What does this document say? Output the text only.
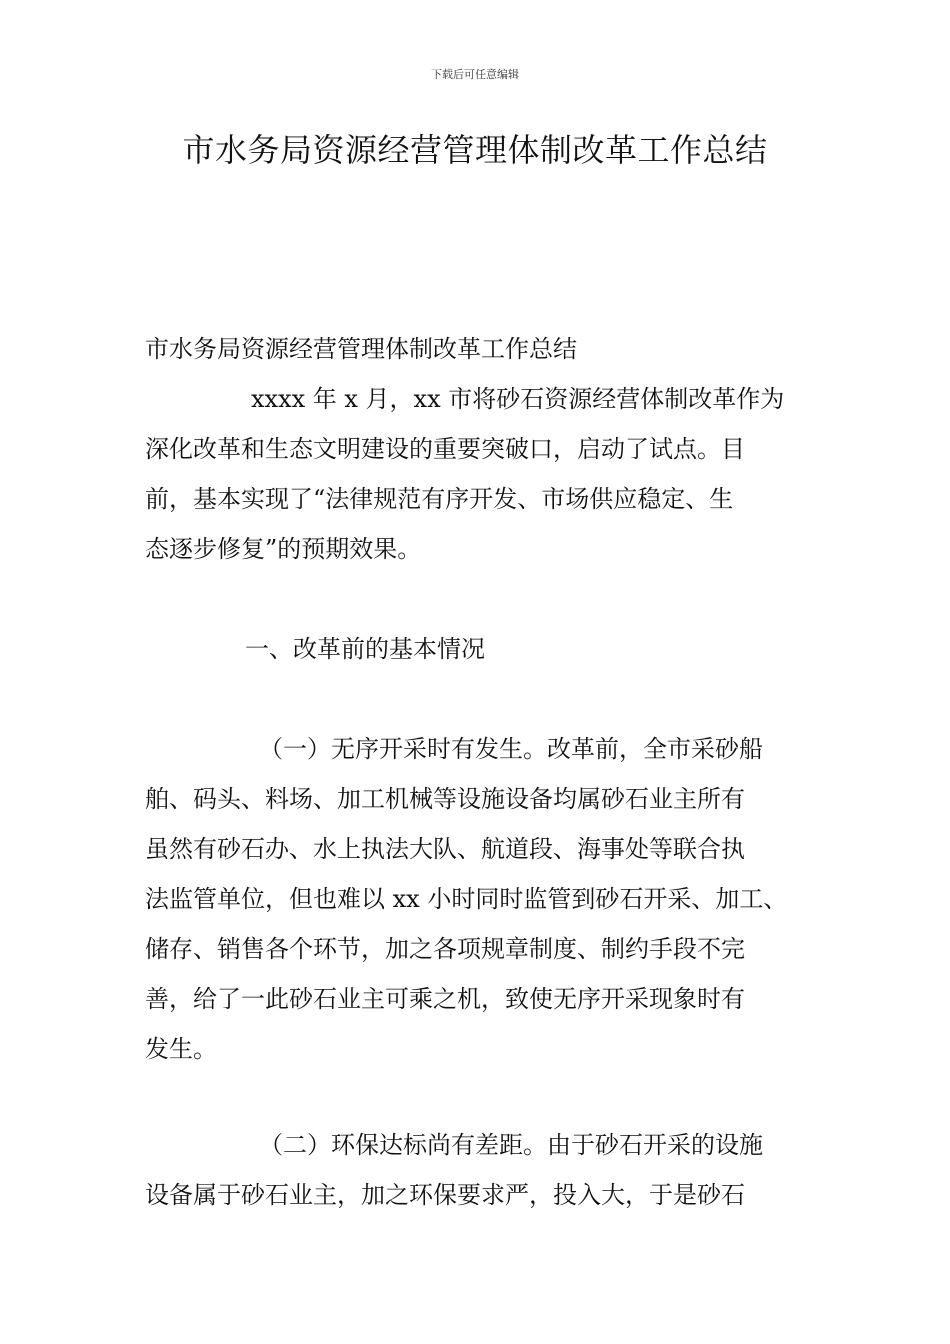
下载后可任意编辑
市水务局资源经营管理体制改革工作总结

市水务局资源经营管理体制改革工作总结

xxxx 年 x 月，xx 市将砂石资源经营体制改革作为
深化改革和生态文明建设的重要突破口，启动了试点。目
前，基本实现了“法律规范有序开发、市场供应稳定、生
态逐步修复”的预期效果。

一、改革前的基本情况

（一）无序开采时有发生。改革前，全市采砂船
舶、码头、料场、加工机械等设施设备均属砂石业主所有
虽然有砂石办、水上执法大队、航道段、海事处等联合执
法监管单位，但也难以 xx 小时同时监管到砂石开采、加工、
储存、销售各个环节，加之各项规章制度、制约手段不完
善，给了一此砂石业主可乘之机，致使无序开采现象时有
发生。

（二）环保达标尚有差距。由于砂石开采的设施
设备属于砂石业主，加之环保要求严，投入大，于是砂石
